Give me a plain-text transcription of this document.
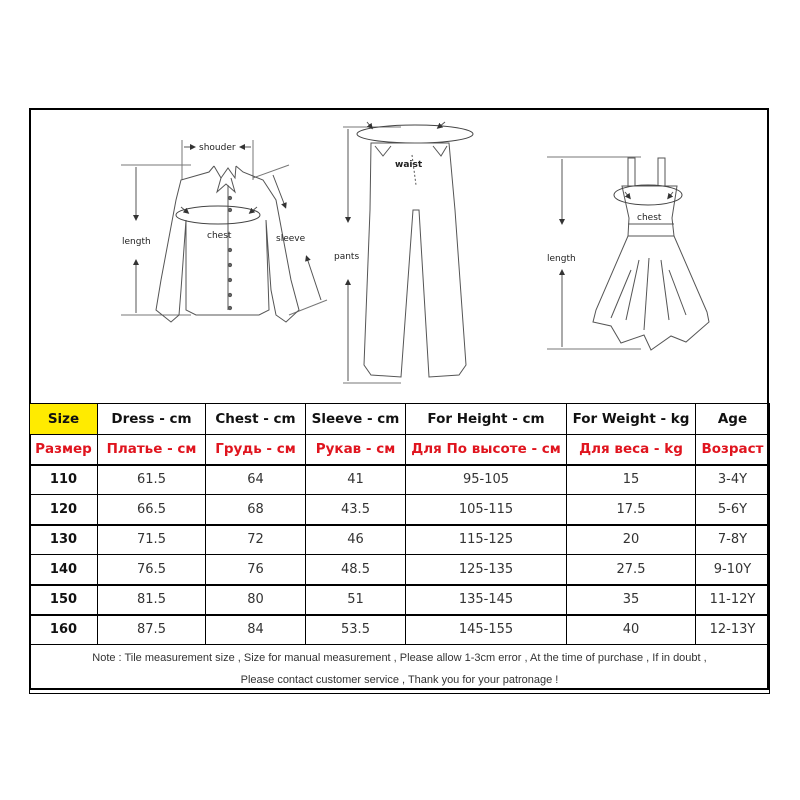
shouder
length
chest	sleeve
waist
pants
chest
length
Size	Dress - cm	Chest - cm	Sleeve - cm	For Height - cm	For Weight - kg	Age
Размер	Платье - см	Грудь - см	Рукав - см	Для По высоте - см	Для веса - kg	Возраст
110	61.5	64	41	95-105	15	3-4Y
120	66.5	68	43.5	105-115	17.5	5-6Y
130	71.5	72	46	115-125	20	7-8Y
140	76.5	76	48.5	125-135	27.5	9-10Y
150	81.5	80	51	135-145	35	11-12Y
160	87.5	84	53.5	145-155	40	12-13Y

Note : Tile measurement size , Size for manual measurement , Please allow 1-3cm error , At the time of purchase , If in doubt ,
Please contact customer service , Thank you for your patronage !						
